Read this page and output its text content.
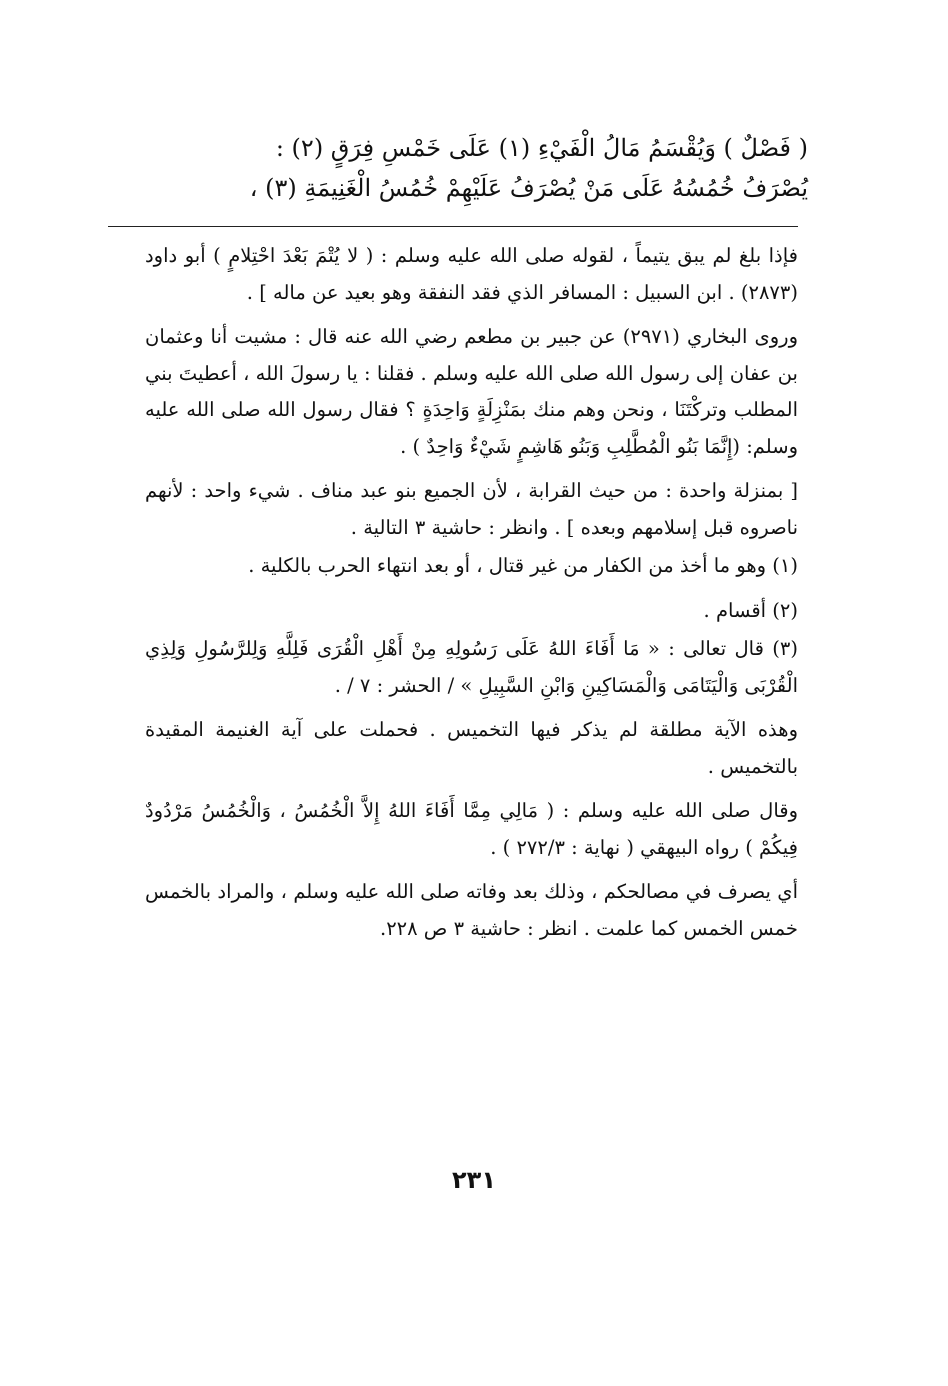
( فَصْلٌ ) وَيُقْسَمُ مَالُ الْفَيْءِ (١) عَلَى خَمْسِ فِرَقٍ (٢) :

يُصْرَفُ خُمُسُهُ عَلَى مَنْ يُصْرَفُ عَلَيْهِمْ خُمُسُ الْغَنِيمَةِ (٣) ،

فإذا بلغ لم يبق يتيماً ، لقوله صلى الله عليه وسلم : ( لا يُتْمَ بَعْدَ احْتِلامٍ ) أبو داود (٢٨٧٣) . ابن السبيل : المسافر الذي فقد النفقة وهو بعيد عن ماله ] .

وروى البخاري (٢٩٧١) عن جبير بن مطعم رضي الله عنه قال : مشيت أنا وعثمان بن عفان إلى رسول الله صلى الله عليه وسلم . فقلنا : يا رسولَ الله ، أعطيتَ بني المطلب وتركْتَنَا ، ونحن وهم منك بمَنْزِلَةٍ وَاحِدَةٍ ؟ فقال رسول الله صلى الله عليه وسلم: (إِنَّمَا بَنُو الْمُطَّلِبِ وَبَنُو هَاشِمٍ شَيْءٌ وَاحِدٌ ) .

[ بمنزلة واحدة : من حيث القرابة ، لأن الجميع بنو عبد مناف . شيء واحد : لأنهم ناصروه قبل إسلامهم وبعده ] . وانظر : حاشية ٣ التالية .

(١) وهو ما أخذ من الكفار من غير قتال ، أو بعد انتهاء الحرب بالكلية .

(٢) أقسام .

(٣) قال تعالى : « مَا أَفَاءَ اللهُ عَلَى رَسُولِهِ مِنْ أَهْلِ الْقُرَى فَلِلَّهِ وَلِلرَّسُولِ وَلِذِي الْقُرْبَى وَالْيَتَامَى وَالْمَسَاكِينِ وَابْنِ السَّبِيلِ » / الحشر : ٧ / .

وهذه الآية مطلقة لم يذكر فيها التخميس . فحملت على آية الغنيمة المقيدة بالتخميس .

وقال صلى الله عليه وسلم : ( مَالِي مِمَّا أَفَاءَ اللهُ إِلاَّ الْخُمُسُ ، وَالْخُمُسُ مَرْدُودٌ فِيكُمْ ) رواه البيهقي ( نهاية : ٢٧٢/٣ ) .

أي يصرف في مصالحكم ، وذلك بعد وفاته صلى الله عليه وسلم ، والمراد بالخمس خمس الخمس كما علمت . انظر : حاشية ٣ ص ٢٢٨.

٢٣١
